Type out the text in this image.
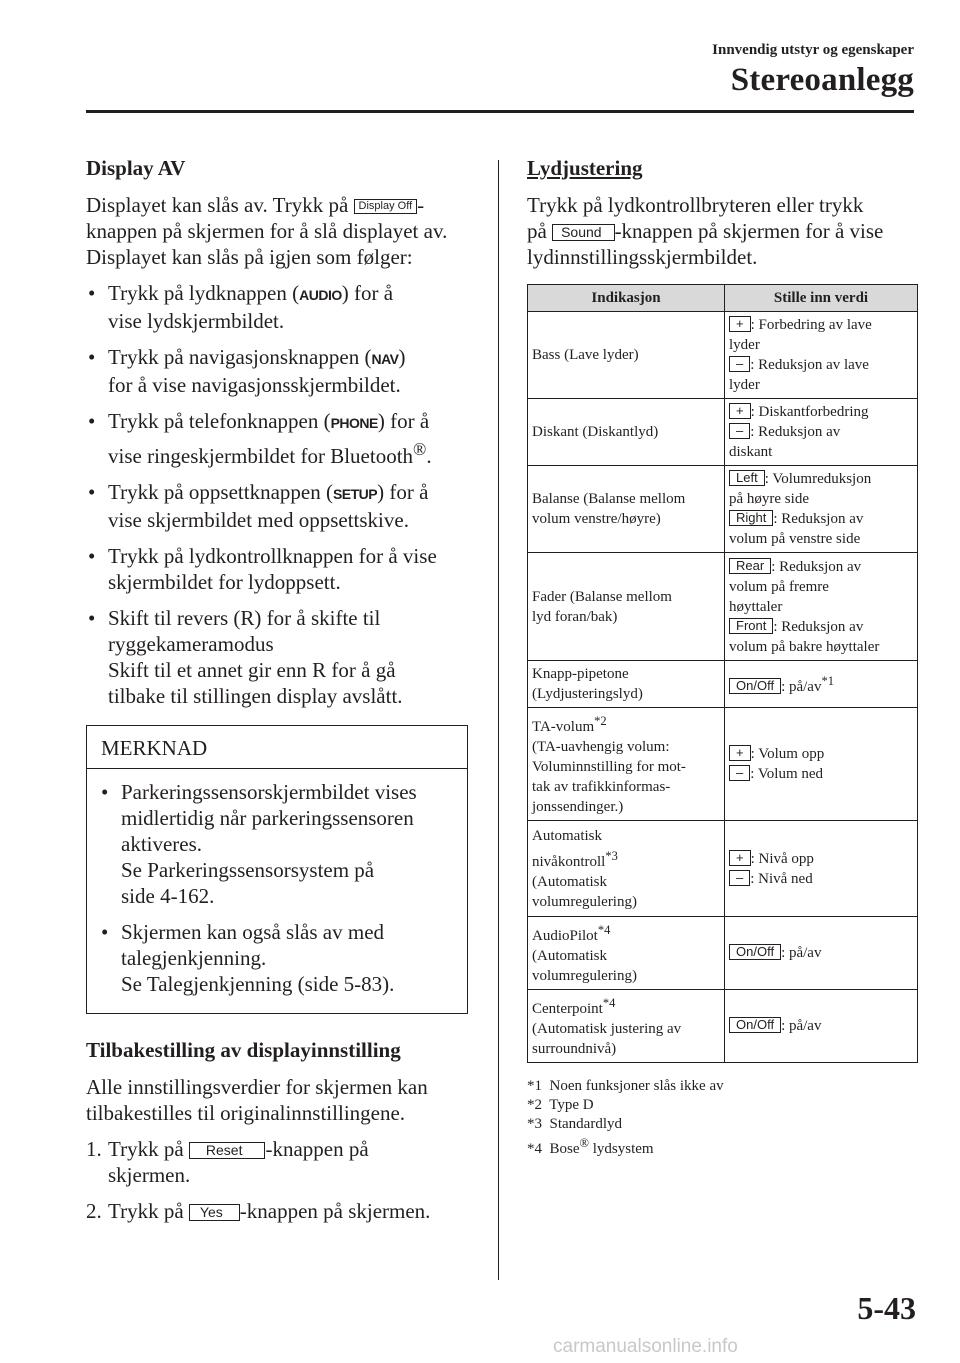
Innvendig utstyr og egenskaper
Stereoanlegg
Display AV

Displayet kan slås av. Trykk på Display Off -
knappen på skjermen for å slå displayet av.
Displayet kan slås på igjen som følger:

• Trykk på lydknappen (AUDIO) for å
vise lydskjermbildet.
• Trykk på navigasjonsknappen (NAV)
for å vise navigasjonsskjermbildet.
• Trykk på telefonknappen (PHONE) for å
vise ringeskjermbildet for Bluetooth®.
• Trykk på oppsettknappen (SETUP) for å
vise skjermbildet med oppsettskive.
• Trykk på lydkontrollknappen for å vise
skjermbildet for lydoppsett.
• Skift til revers (R) for å skifte til
ryggekameramodus
Skift til et annet gir enn R for å gå
tilbake til stillingen display avslått.
MERKNAD
• Parkeringssensorskjermbildet vises
midlertidig når parkeringssensoren
aktiveres.
Se Parkeringssensorsystem på
side 4-162.
• Skjermen kan også slås av med
talegjenkjenning.
Se Talegjenkjenning (side 5-83).
Tilbakestilling av displayinnstilling

Alle innstillingsverdier for skjermen kan
tilbakestilles til originalinnstillingene.

1. Trykk på Reset -knappen på
skjermen.
2. Trykk på Yes -knappen på skjermen.
Lydjustering

Trykk på lydkontrollbryteren eller trykk
på Sound -knappen på skjermen for å vise
lydinnstillingsskjermbildet.

Indikasjon	Stille inn verdi

Bass (Lave lyder)	+ : Forbedring av lave
lyder
– : Reduksjon av lave
lyder

Diskant (Diskantlyd)	+ : Diskantforbedring
– : Reduksjon av
diskant

Balanse (Balanse mellom
volum venstre/høyre)	Left : Volumreduksjon
på høyre side
Right : Reduksjon av
volum på venstre side

Fader (Balanse mellom
lyd foran/bak)	Rear : Reduksjon av
volum på fremre
høyttaler
Front : Reduksjon av
volum på bakre høyttaler

Knapp-pipetone
(Lydjusteringslyd)	On/Off : $på/av^{*1}$

TA-volum$^{*2}$
(TA-uavhengig volum:
Voluminnstilling for mot-
tak av trafikkinformas-
jonssendinger.)	+ : Volum opp
– : Volum ned

Automatisk
nivåkontroll$^{*3}$
(Automatisk
volumregulering)	+ : Nivå opp
– : Nivå ned

AudioPilot$^{*4}$
(Automatisk
volumregulering)	On/Off : på/av

Centerpoint$^{*4}$
(Automatisk justering av
surroundnivå)	On/Off : på/av
*1  Noen funksjoner slås ikke av
*2  Type D
*3  Standardlyd
*4  Bose® lydsystem
5-43
carmanualsonline.info
